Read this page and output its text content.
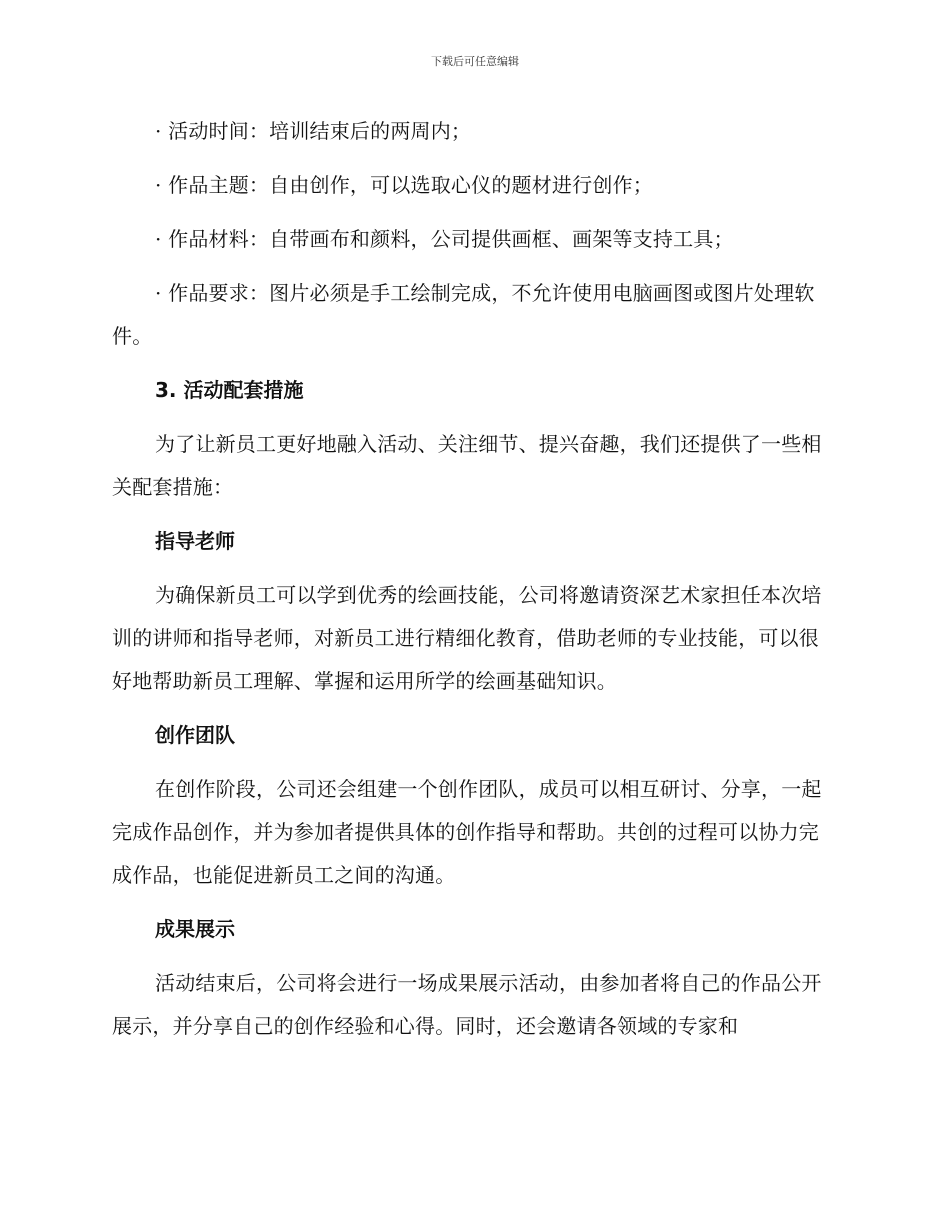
下载后可任意编辑

· 活动时间：培训结束后的两周内；

· 作品主题：自由创作，可以选取心仪的题材进行创作；

· 作品材料：自带画布和颜料，公司提供画框、画架等支持工具；

· 作品要求：图片必须是手工绘制完成，不允许使用电脑画图或图片处理软件。

3. 活动配套措施

为了让新员工更好地融入活动、关注细节、提兴奋趣，我们还提供了一些相关配套措施：

指导老师

为确保新员工可以学到优秀的绘画技能，公司将邀请资深艺术家担任本次培训的讲师和指导老师，对新员工进行精细化教育，借助老师的专业技能，可以很好地帮助新员工理解、掌握和运用所学的绘画基础知识。

创作团队

在创作阶段，公司还会组建一个创作团队，成员可以相互研讨、分享，一起完成作品创作，并为参加者提供具体的创作指导和帮助。共创的过程可以协力完成作品，也能促进新员工之间的沟通。

成果展示

活动结束后，公司将会进行一场成果展示活动，由参加者将自己的作品公开展示，并分享自己的创作经验和心得。同时，还会邀请各领域的专家和
